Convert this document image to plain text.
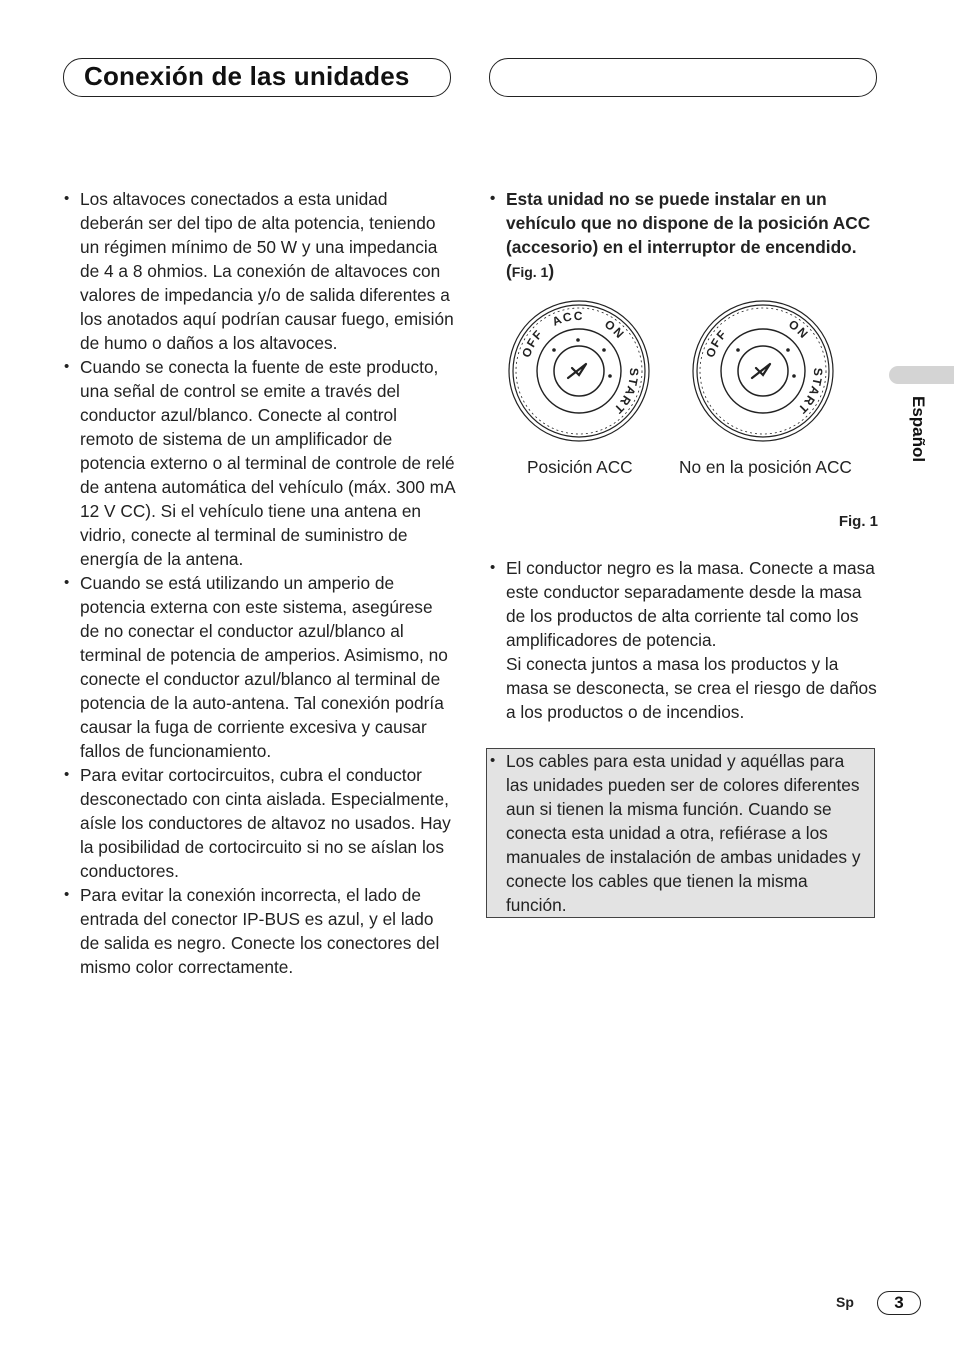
Conexión de las unidades
• Los altavoces conectados a esta unidad deberán ser del tipo de alta potencia, teniendo un régimen mínimo de 50 W y una impedancia de 4 a 8 ohmios. La conexión de altavoces con valores de impedancia y/o de salida diferentes a los anotados aquí podrían causar fuego, emisión de humo o daños a los altavoces.
• Cuando se conecta la fuente de este producto, una señal de control se emite a través del conductor azul/blanco. Conecte al control remoto de sistema de un amplificador de potencia externo o al terminal de controle de relé de antena automática del vehículo (máx. 300 mA 12 V CC). Si el vehículo tiene una antena en vidrio, conecte al terminal de suministro de energía de la antena.
• Cuando se está utilizando un amperio de potencia externa con este sistema, asegúrese de no conectar el conductor azul/blanco al terminal de potencia de amperios. Asimismo, no conecte el conductor azul/blanco al terminal de potencia de la auto-antena. Tal conexión podría causar la fuga de corriente excesiva y causar fallos de funcionamiento.
• Para evitar cortocircuitos, cubra el conductor desconectado con cinta aislada. Especialmente, aísle los conductores de altavoz no usados. Hay la posibilidad de cortocircuito si no se aíslan los conductores.
• Para evitar la conexión incorrecta, el lado de entrada del conector IP-BUS es azul, y el lado de salida es negro. Conecte los conectores del mismo color correctamente.
• Esta unidad no se puede instalar en un vehículo que no dispone de la posición ACC (accesorio) en el interruptor de encendido. (Fig. 1)
OFF
ACC
ON
START
OFF	ON
START
Posición ACC	No en la posición ACC
Fig. 1
• El conductor negro es la masa. Conecte a masa este conductor separadamente desde la masa de los productos de alta corriente tal como los amplificadores de potencia.
Si conecta juntos a masa los productos y la masa se desconecta, se crea el riesgo de daños a los productos o de incendios.
• Los cables para esta unidad y aquéllas para las unidades pueden ser de colores diferentes aun si tienen la misma función. Cuando se conecta esta unidad a otra, refiérase a los manuales de instalación de ambas unidades y conecte los cables que tienen la misma función.
Español
Sp	3
